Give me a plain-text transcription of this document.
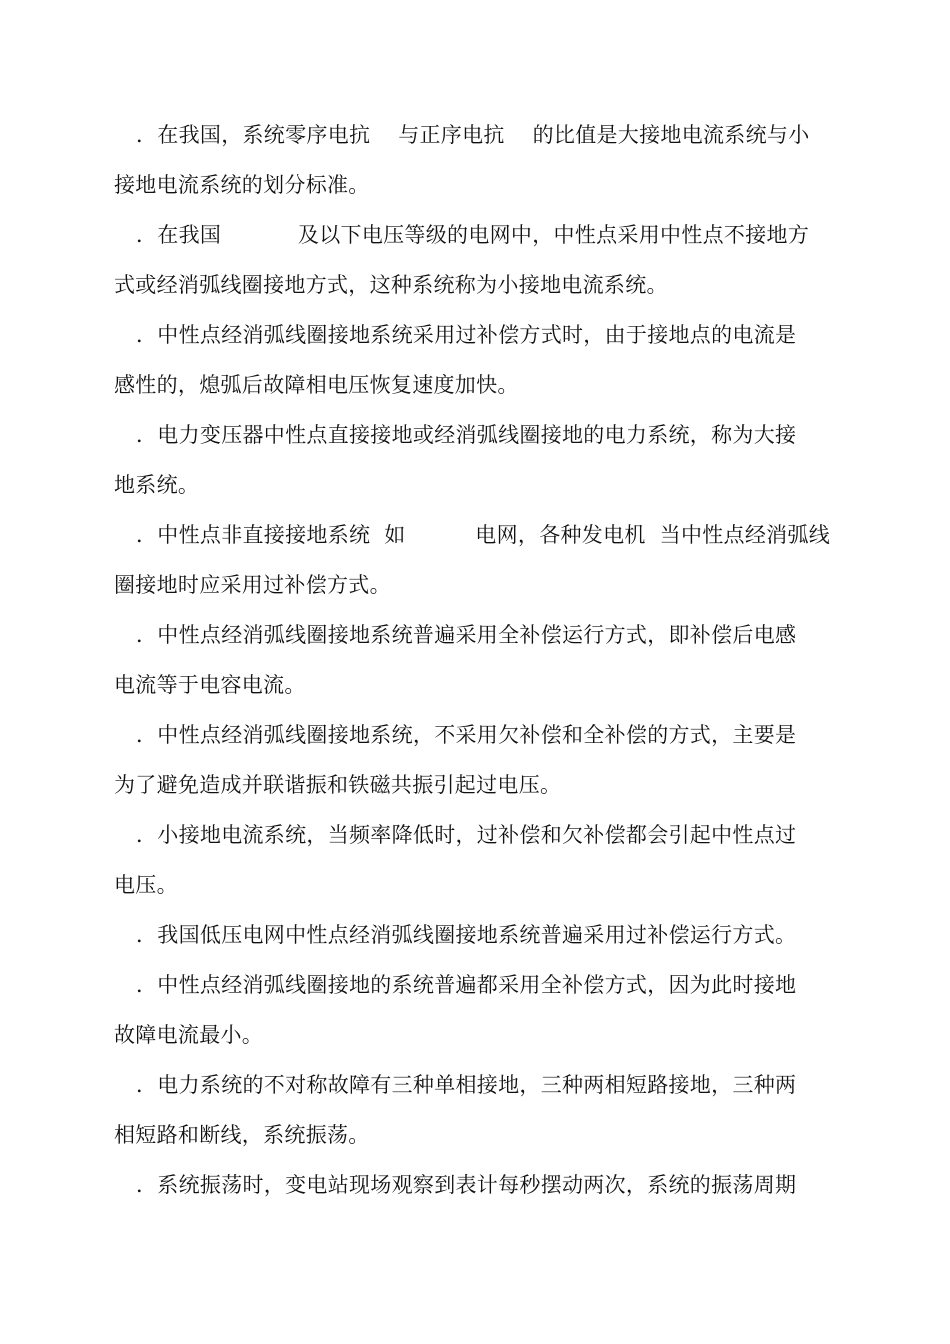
．在我国，系统零序电抗    与正序电抗    的比值是大接地电流系统与小
接地电流系统的划分标准。
．在我国           及以下电压等级的电网中，中性点采用中性点不接地方
式或经消弧线圈接地方式，这种系统称为小接地电流系统。
．中性点经消弧线圈接地系统采用过补偿方式时，由于接地点的电流是
感性的，熄弧后故障相电压恢复速度加快。
．电力变压器中性点直接接地或经消弧线圈接地的电力系统，称为大接
地系统。
．中性点非直接接地系统  如          电网，各种发电机  当中性点经消弧线
圈接地时应采用过补偿方式。
．中性点经消弧线圈接地系统普遍采用全补偿运行方式，即补偿后电感
电流等于电容电流。
．中性点经消弧线圈接地系统，不采用欠补偿和全补偿的方式，主要是
为了避免造成并联谐振和铁磁共振引起过电压。
．小接地电流系统，当频率降低时，过补偿和欠补偿都会引起中性点过
电压。
．我国低压电网中性点经消弧线圈接地系统普遍采用过补偿运行方式。
．中性点经消弧线圈接地的系统普遍都采用全补偿方式，因为此时接地
故障电流最小。
．电力系统的不对称故障有三种单相接地，三种两相短路接地，三种两
相短路和断线，系统振荡。
．系统振荡时，变电站现场观察到表计每秒摆动两次，系统的振荡周期
